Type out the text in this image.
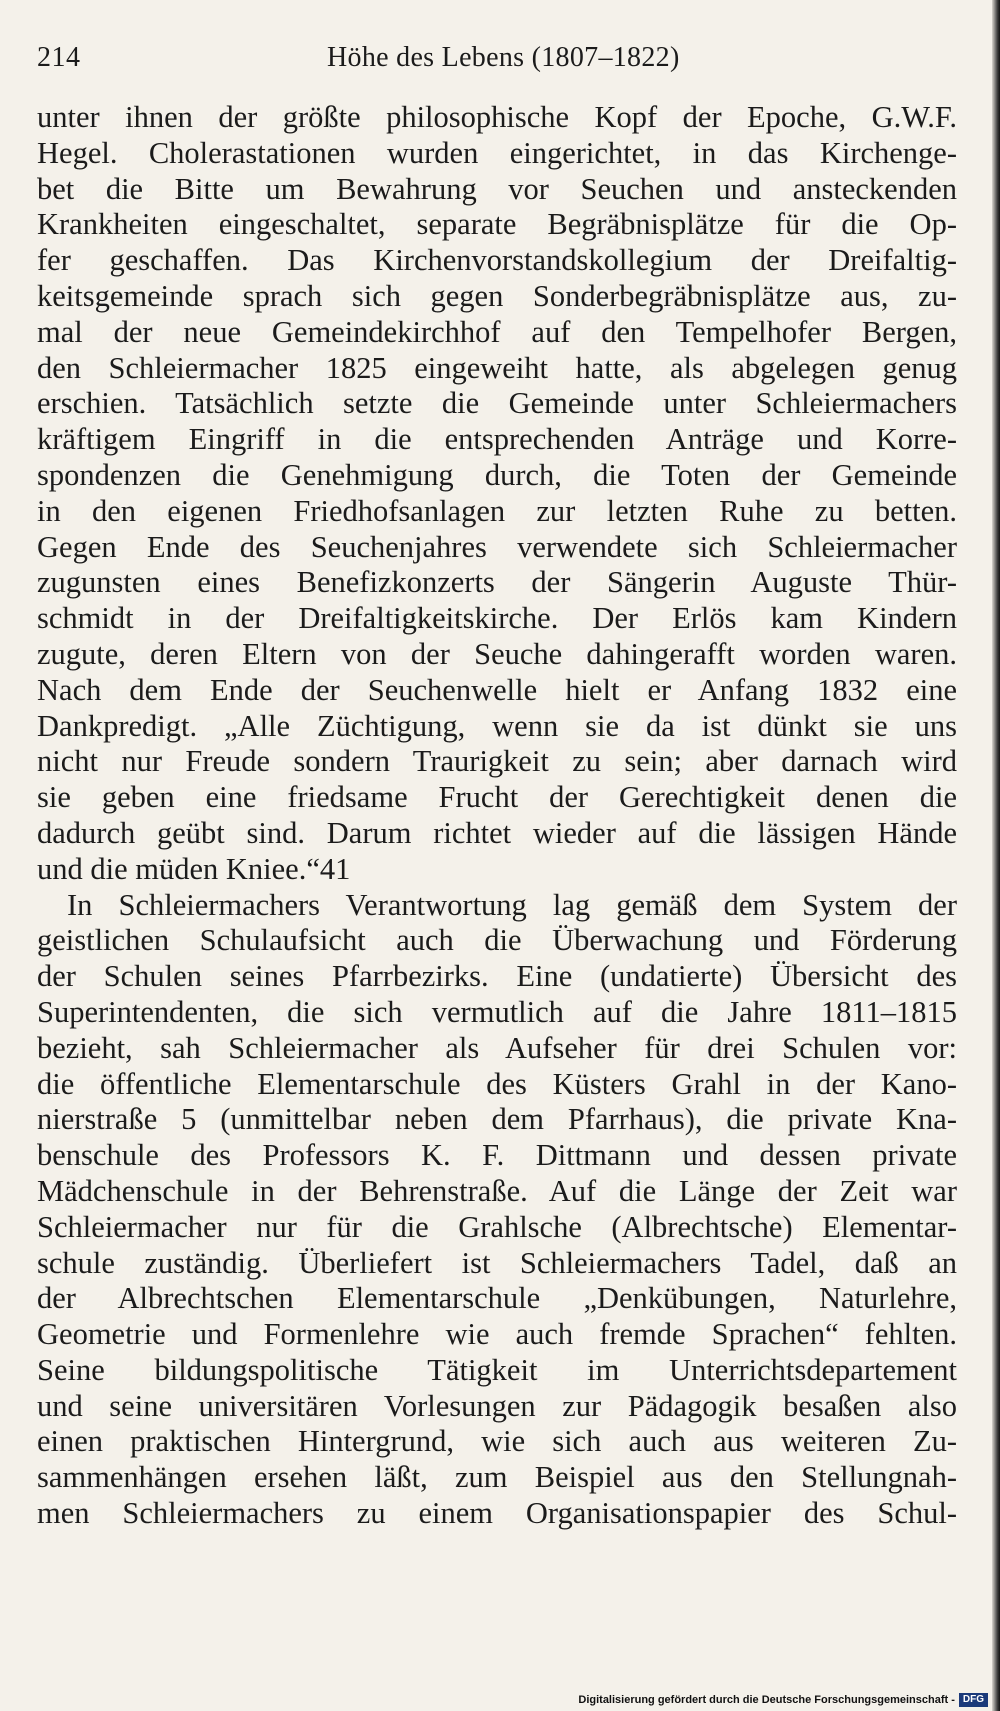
214	Höhe des Lebens (1807–1822)
unter ihnen der größte philosophische Kopf der Epoche, G.W.F.
Hegel. Cholerastationen wurden eingerichtet, in das Kirchenge-
bet die Bitte um Bewahrung vor Seuchen und ansteckenden
Krankheiten eingeschaltet, separate Begräbnisplätze für die Op-
fer geschaffen. Das Kirchenvorstandskollegium der Dreifaltig-
keitsgemeinde sprach sich gegen Sonderbegräbnisplätze aus, zu-
mal der neue Gemeindekirchhof auf den Tempelhofer Bergen,
den Schleiermacher 1825 eingeweiht hatte, als abgelegen genug
erschien. Tatsächlich setzte die Gemeinde unter Schleiermachers
kräftigem Eingriff in die entsprechenden Anträge und Korre-
spondenzen die Genehmigung durch, die Toten der Gemeinde
in den eigenen Friedhofsanlagen zur letzten Ruhe zu betten.
Gegen Ende des Seuchenjahres verwendete sich Schleiermacher
zugunsten eines Benefizkonzerts der Sängerin Auguste Thür-
schmidt in der Dreifaltigkeitskirche. Der Erlös kam Kindern
zugute, deren Eltern von der Seuche dahingerafft worden waren.
Nach dem Ende der Seuchenwelle hielt er Anfang 1832 eine
Dankpredigt. „Alle Züchtigung, wenn sie da ist dünkt sie uns
nicht nur Freude sondern Traurigkeit zu sein; aber darnach wird
sie geben eine friedsame Frucht der Gerechtigkeit denen die
dadurch geübt sind. Darum richtet wieder auf die lässigen Hände
und die müden Kniee.“41
In Schleiermachers Verantwortung lag gemäß dem System der
geistlichen Schulaufsicht auch die Überwachung und Förderung
der Schulen seines Pfarrbezirks. Eine (undatierte) Übersicht des
Superintendenten, die sich vermutlich auf die Jahre 1811–1815
bezieht, sah Schleiermacher als Aufseher für drei Schulen vor:
die öffentliche Elementarschule des Küsters Grahl in der Kano-
nierstraße 5 (unmittelbar neben dem Pfarrhaus), die private Kna-
benschule des Professors K. F. Dittmann und dessen private
Mädchenschule in der Behrenstraße. Auf die Länge der Zeit war
Schleiermacher nur für die Grahlsche (Albrechtsche) Elementar-
schule zuständig. Überliefert ist Schleiermachers Tadel, daß an
der Albrechtschen Elementarschule „Denkübungen, Naturlehre,
Geometrie und Formenlehre wie auch fremde Sprachen“ fehlten.
Seine bildungspolitische Tätigkeit im Unterrichtsdepartement
und seine universitären Vorlesungen zur Pädagogik besaßen also
einen praktischen Hintergrund, wie sich auch aus weiteren Zu-
sammenhängen ersehen läßt, zum Beispiel aus den Stellungnah-
men Schleiermachers zu einem Organisationspapier des Schul-
Digitalisierung gefördert durch die Deutsche Forschungsgemeinschaft - DFG
